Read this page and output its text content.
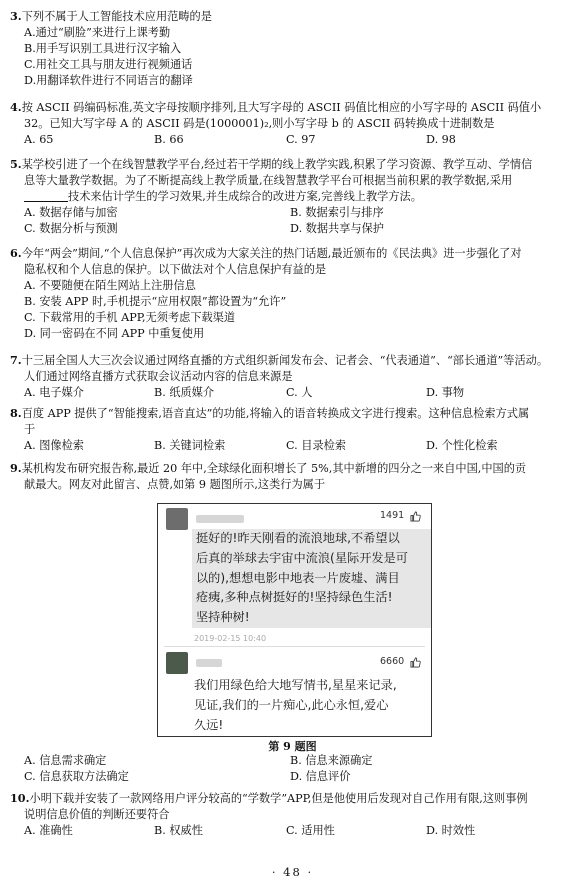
3.下列不属于人工智能技术应用范畴的是
A.通过“刷脸”来进行上课考勤
B.用手写识别工具进行汉字输入
C.用社交工具与朋友进行视频通话
D.用翻译软件进行不同语言的翻译
4.按 ASCII 码编码标准,英文字母按顺序排列,且大写字母的 ASCII 码值比相应的小写字母的 ASCII 码值小
32。已知大写字母 A 的 ASCII 码是(1000001)₂,则小写字母 b 的 ASCII 码转换成十进制数是
A. 65	B. 66	C. 97	D. 98
5.某学校引进了一个在线智慧教学平台,经过若干学期的线上教学实践,积累了学习资源、教学互动、学情信
息等大量教学数据。为了不断提高线上教学质量,在线智慧教学平台可根据当前积累的教学数据,采用
技术来估计学生的学习效果,并生成综合的改进方案,完善线上教学方法。
A. 数据存储与加密	B. 数据索引与排序
C. 数据分析与预测	D. 数据共享与保护
6.今年“两会”期间,“个人信息保护”再次成为大家关注的热门话题,最近颁布的《民法典》进一步强化了对
隐私权和个人信息的保护。以下做法对个人信息保护有益的是
A. 不要随便在陌生网站上注册信息
B. 安装 APP 时,手机提示“应用权限”都设置为“允许”
C. 下载常用的手机 APP,无须考虑下载渠道
D. 同一密码在不同 APP 中重复使用
7.十三届全国人大三次会议通过网络直播的方式组织新闻发布会、记者会、“代表通道”、“部长通道”等活动。
人们通过网络直播方式获取会议活动内容的信息来源是
A. 电子媒介	B. 纸质媒介	C. 人	D. 事物
8.百度 APP 提供了“智能搜索,语音直达”的功能,将输入的语音转换成文字进行搜索。这种信息检索方式属
于
A. 图像检索	B. 关键词检索	C. 目录检索	D. 个性化检索
9.某机构发布研究报告称,最近 20 年中,全球绿化面积增长了 5%,其中新增的四分之一来自中国,中国的贡
献最大。网友对此留言、点赞,如第 9 题图所示,这类行为属于
1491
挺好的!昨天刚看的流浪地球,不希望以
后真的举球去宇宙中流浪(星际开发是可
以的),想想电影中地表一片废墟、满目
疮痍,多种点树挺好的!坚持绿色生活!
坚持种树!
2019-02-15 10:40
6660
我们用绿色给大地写情书,星星来记录,
见证,我们的一片痴心,此心永恒,爱心
久远!
第 9 题图
A. 信息需求确定	B. 信息来源确定
C. 信息获取方法确定	D. 信息评价
10.小明下载并安装了一款网络用户评分较高的“学数学”APP,但是他使用后发现对自己作用有限,这则事例
说明信息价值的判断还要符合
A. 准确性	B. 权威性	C. 适用性	D. 时效性
· 48 ·
